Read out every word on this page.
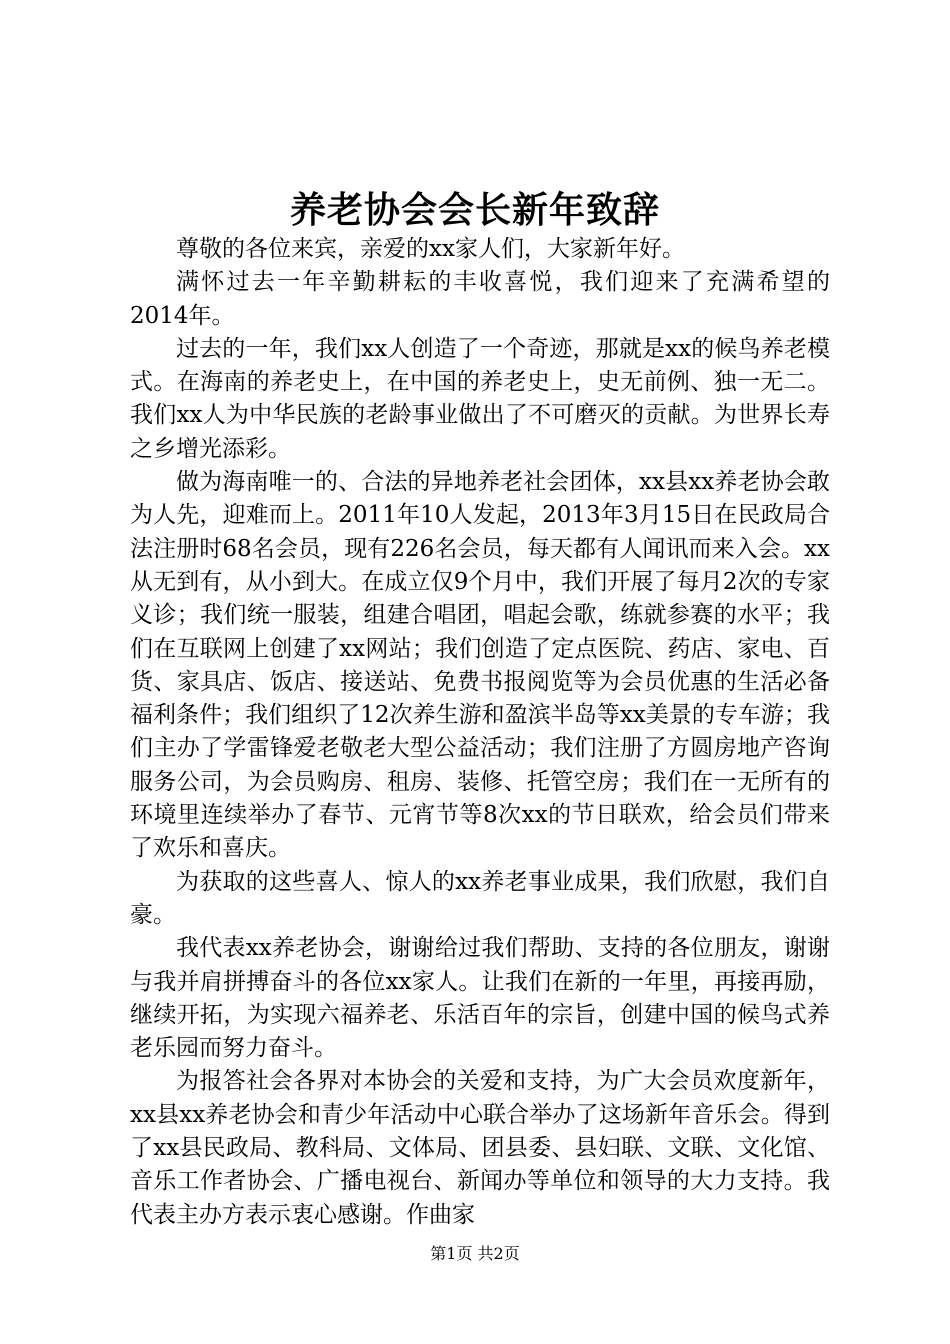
养老协会会长新年致辞

尊敬的各位来宾，亲爱的xx家人们，大家新年好。

满怀过去一年辛勤耕耘的丰收喜悦，我们迎来了充满希望的2014年。

过去的一年，我们xx人创造了一个奇迹，那就是xx的候鸟养老模式。在海南的养老史上，在中国的养老史上，史无前例、独一无二。我们xx人为中华民族的老龄事业做出了不可磨灭的贡献。为世界长寿之乡增光添彩。

做为海南唯一的、合法的异地养老社会团体，xx县xx养老协会敢为人先，迎难而上。2011年10人发起，2013年3月15日在民政局合法注册时68名会员，现有226名会员，每天都有人闻讯而来入会。xx从无到有，从小到大。在成立仅9个月中，我们开展了每月2次的专家义诊；我们统一服装，组建合唱团，唱起会歌，练就参赛的水平；我们在互联网上创建了xx网站；我们创造了定点医院、药店、家电、百货、家具店、饭店、接送站、免费书报阅览等为会员优惠的生活必备福利条件；我们组织了12次养生游和盈滨半岛等xx美景的专车游；我们主办了学雷锋爱老敬老大型公益活动；我们注册了方圆房地产咨询服务公司，为会员购房、租房、装修、托管空房；我们在一无所有的环境里连续举办了春节、元宵节等8次xx的节日联欢，给会员们带来了欢乐和喜庆。

为获取的这些喜人、惊人的xx养老事业成果，我们欣慰，我们自豪。

我代表xx养老协会，谢谢给过我们帮助、支持的各位朋友，谢谢与我并肩拼搏奋斗的各位xx家人。让我们在新的一年里，再接再励，继续开拓，为实现六福养老、乐活百年的宗旨，创建中国的候鸟式养老乐园而努力奋斗。

为报答社会各界对本协会的关爱和支持，为广大会员欢度新年，xx县xx养老协会和青少年活动中心联合举办了这场新年音乐会。得到了xx县民政局、教科局、文体局、团县委、县妇联、文联、文化馆、音乐工作者协会、广播电视台、新闻办等单位和领导的大力支持。我代表主办方表示衷心感谢。作曲家

第1页 共2页
